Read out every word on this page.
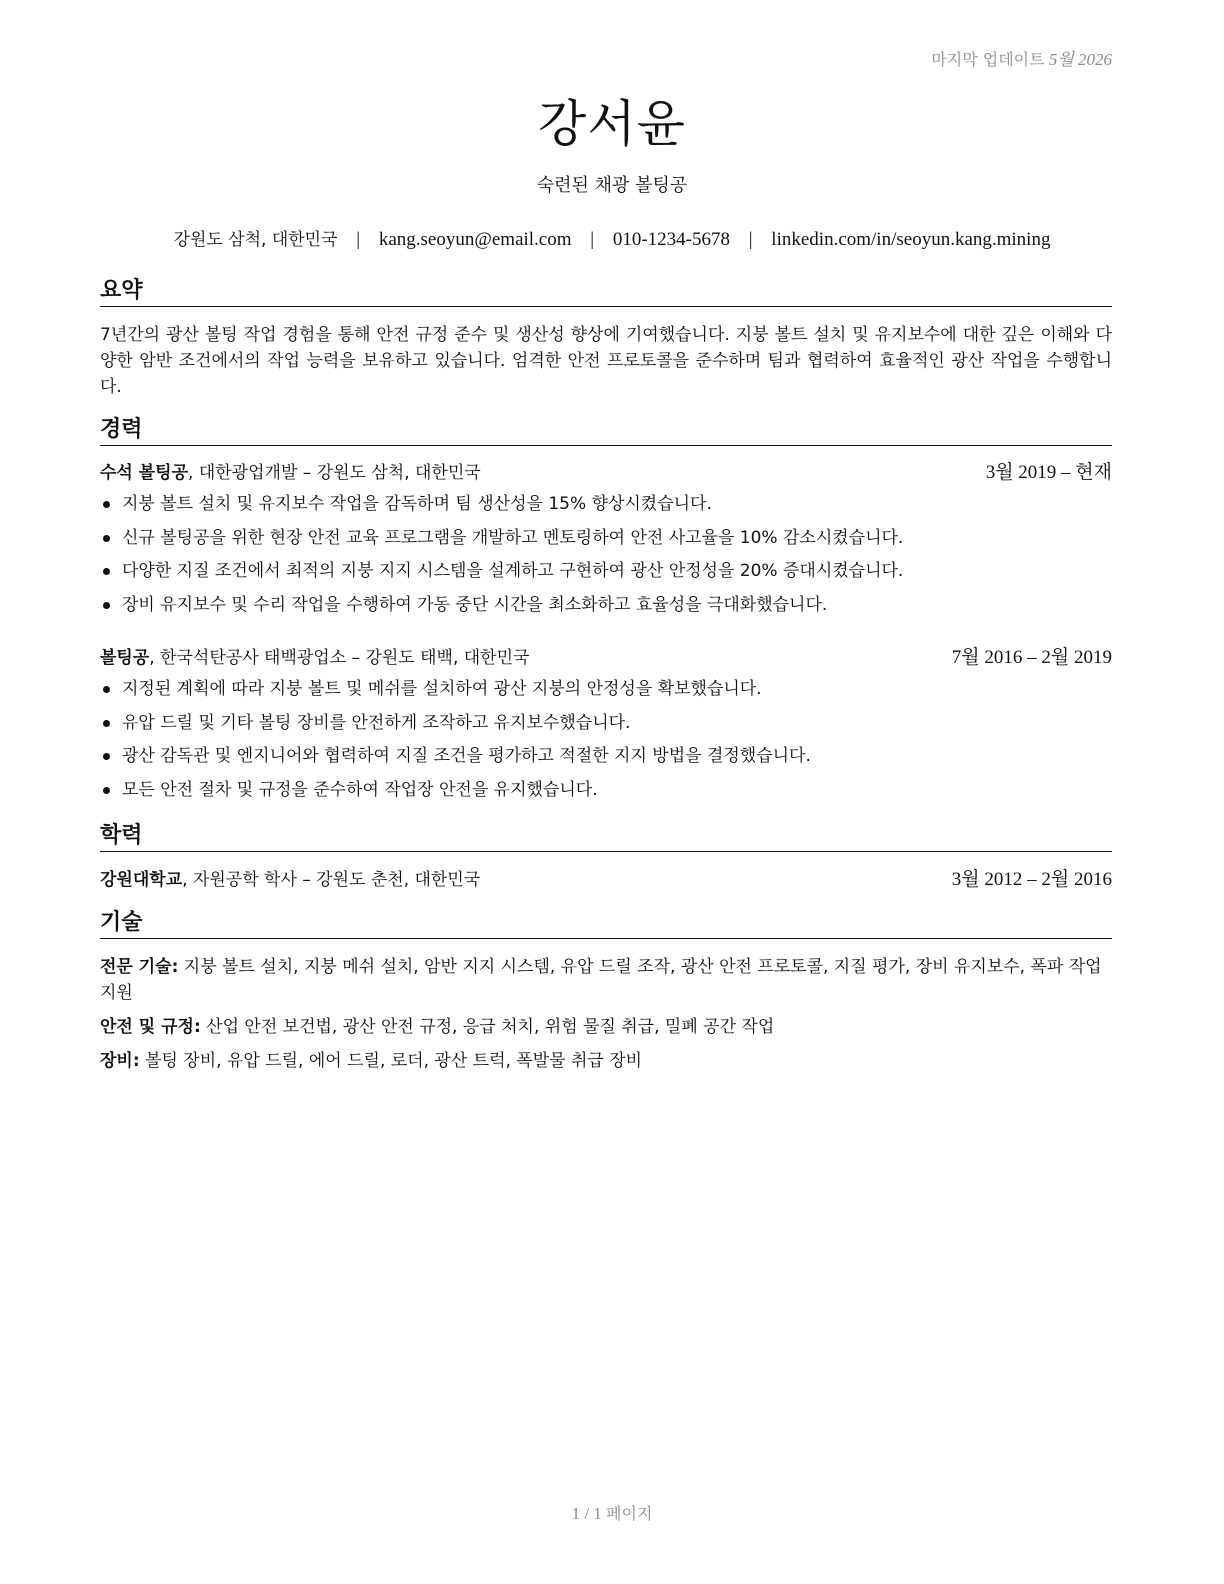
마지막 업데이트 5월 2026
강서윤
숙련된 채광 볼팅공
강원도 삼척, 대한민국 | kang.seoyun@email.com | 010-1234-5678 | linkedin.com/in/seoyun.kang.mining
요약
7년간의 광산 볼팅 작업 경험을 통해 안전 규정 준수 및 생산성 향상에 기여했습니다. 지붕 볼트 설치 및 유지보수에 대한 깊은 이해와 다양한 암반 조건에서의 작업 능력을 보유하고 있습니다. 엄격한 안전 프로토콜을 준수하며 팀과 협력하여 효율적인 광산 작업을 수행합니다.
경력
수석 볼팅공, 대한광업개발 – 강원도 삼척, 대한민국	3월 2019 – 현재
지붕 볼트 설치 및 유지보수 작업을 감독하며 팀 생산성을 15% 향상시켰습니다.
신규 볼팅공을 위한 현장 안전 교육 프로그램을 개발하고 멘토링하여 안전 사고율을 10% 감소시켰습니다.
다양한 지질 조건에서 최적의 지붕 지지 시스템을 설계하고 구현하여 광산 안정성을 20% 증대시켰습니다.
장비 유지보수 및 수리 작업을 수행하여 가동 중단 시간을 최소화하고 효율성을 극대화했습니다.
볼팅공, 한국석탄공사 태백광업소 – 강원도 태백, 대한민국	7월 2016 – 2월 2019
지정된 계획에 따라 지붕 볼트 및 메쉬를 설치하여 광산 지붕의 안정성을 확보했습니다.
유압 드릴 및 기타 볼팅 장비를 안전하게 조작하고 유지보수했습니다.
광산 감독관 및 엔지니어와 협력하여 지질 조건을 평가하고 적절한 지지 방법을 결정했습니다.
모든 안전 절차 및 규정을 준수하여 작업장 안전을 유지했습니다.
학력
강원대학교, 자원공학 학사 – 강원도 춘천, 대한민국	3월 2012 – 2월 2016
기술
전문 기술: 지붕 볼트 설치, 지붕 메쉬 설치, 암반 지지 시스템, 유압 드릴 조작, 광산 안전 프로토콜, 지질 평가, 장비 유지보수, 폭파 작업 지원
안전 및 규정: 산업 안전 보건법, 광산 안전 규정, 응급 처치, 위험 물질 취급, 밀폐 공간 작업
장비: 볼팅 장비, 유압 드릴, 에어 드릴, 로더, 광산 트럭, 폭발물 취급 장비
1 / 1 페이지
